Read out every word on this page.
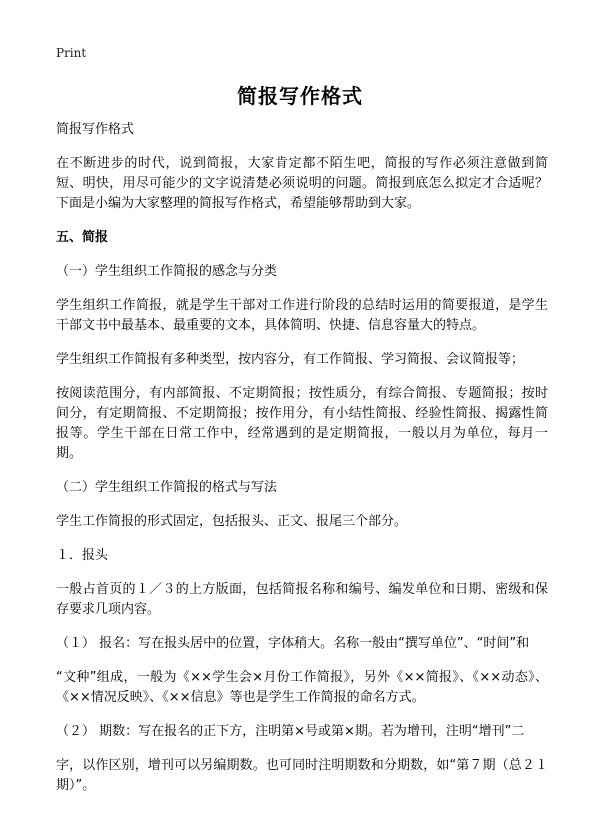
Print
简报写作格式

简报写作格式

在不断进步的时代，说到简报，大家肯定都不陌生吧，简报的写作必须注意做到简短、明快，用尽可能少的文字说清楚必须说明的问题。简报到底怎么拟定才合适呢？下面是小编为大家整理的简报写作格式，希望能够帮助到大家。

五、简报

（一）学生组织工作简报的感念与分类

学生组织工作简报，就是学生干部对工作进行阶段的总结时运用的简要报道，是学生干部文书中最基本、最重要的文本，具体简明、快捷、信息容量大的特点。

学生组织工作简报有多种类型，按内容分，有工作简报、学习简报、会议简报等；

按阅读范围分，有内部简报、不定期简报；按性质分，有综合简报、专题简报；按时间分，有定期简报、不定期简报；按作用分，有小结性简报、经验性简报、揭露性简报等。学生干部在日常工作中，经常遇到的是定期简报，一般以月为单位，每月一期。

（二）学生组织工作简报的格式与写法

学生工作简报的形式固定，包括报头、正文、报尾三个部分。

１．报头

一般占首页的１／３的上方版面，包括简报名称和编号、编发单位和日期、密级和保存要求几项内容。

（１） 报名：写在报头居中的位置，字体稍大。名称一般由“撰写单位”、“时间”和

“文种”组成，一般为《××学生会×月份工作简报》，另外《××简报》、《××动态》、《××情况反映》、《××信息》等也是学生工作简报的命名方式。

（２） 期数：写在报名的正下方，注明第×号或第×期。若为增刊，注明“增刊”二

字，以作区别，增刊可以另编期数。也可同时注明期数和分期数，如“第７期（总２１期）”。
